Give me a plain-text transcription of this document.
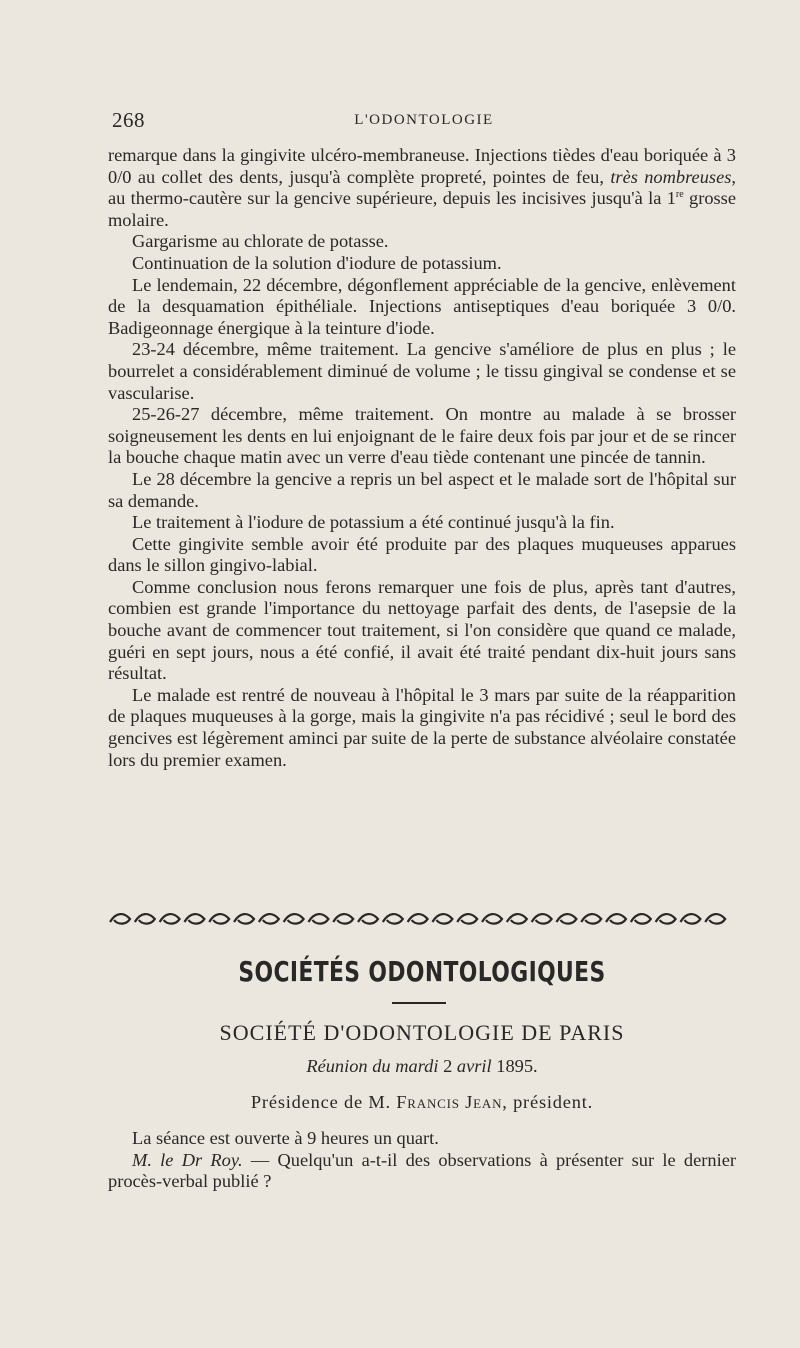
268	L'ODONTOLOGIE

remarque dans la gingivite ulcéro-membraneuse. Injections tièdes d'eau boriquée à 3 0/0 au collet des dents, jusqu'à complète propreté, pointes de feu, très nombreuses, au thermo-cautère sur la gencive supérieure, depuis les incisives jusqu'à la 1re grosse molaire.

Gargarisme au chlorate de potasse.

Continuation de la solution d'iodure de potassium.

Le lendemain, 22 décembre, dégonflement appréciable de la gencive, enlèvement de la desquamation épithéliale. Injections antiseptiques d'eau boriquée 3 0/0. Badigeonnage énergique à la teinture d'iode.

23-24 décembre, même traitement. La gencive s'améliore de plus en plus ; le bourrelet a considérablement diminué de volume ; le tissu gingival se condense et se vascularise.

25-26-27 décembre, même traitement. On montre au malade à se brosser soigneusement les dents en lui enjoignant de le faire deux fois par jour et de se rincer la bouche chaque matin avec un verre d'eau tiède contenant une pincée de tannin.

Le 28 décembre la gencive a repris un bel aspect et le malade sort de l'hôpital sur sa demande.

Le traitement à l'iodure de potassium a été continué jusqu'à la fin.

Cette gingivite semble avoir été produite par des plaques muqueuses apparues dans le sillon gingivo-labial.

Comme conclusion nous ferons remarquer une fois de plus, après tant d'autres, combien est grande l'importance du nettoyage parfait des dents, de l'asepsie de la bouche avant de commencer tout traitement, si l'on considère que quand ce malade, guéri en sept jours, nous a été confié, il avait été traité pendant dix-huit jours sans résultat.

Le malade est rentré de nouveau à l'hôpital le 3 mars par suite de la réapparition de plaques muqueuses à la gorge, mais la gingivite n'a pas récidivé ; seul le bord des gencives est légèrement aminci par suite de la perte de substance alvéolaire constatée lors du premier examen.

SOCIÉTÉS ODONTOLOGIQUES
SOCIÉTÉ D'ODONTOLOGIE DE PARIS
Réunion du mardi 2 avril 1895.
Présidence de M. Francis Jean, président.

La séance est ouverte à 9 heures un quart.

M. le Dr Roy. — Quelqu'un a-t-il des observations à présenter sur le dernier procès-verbal publié ?
